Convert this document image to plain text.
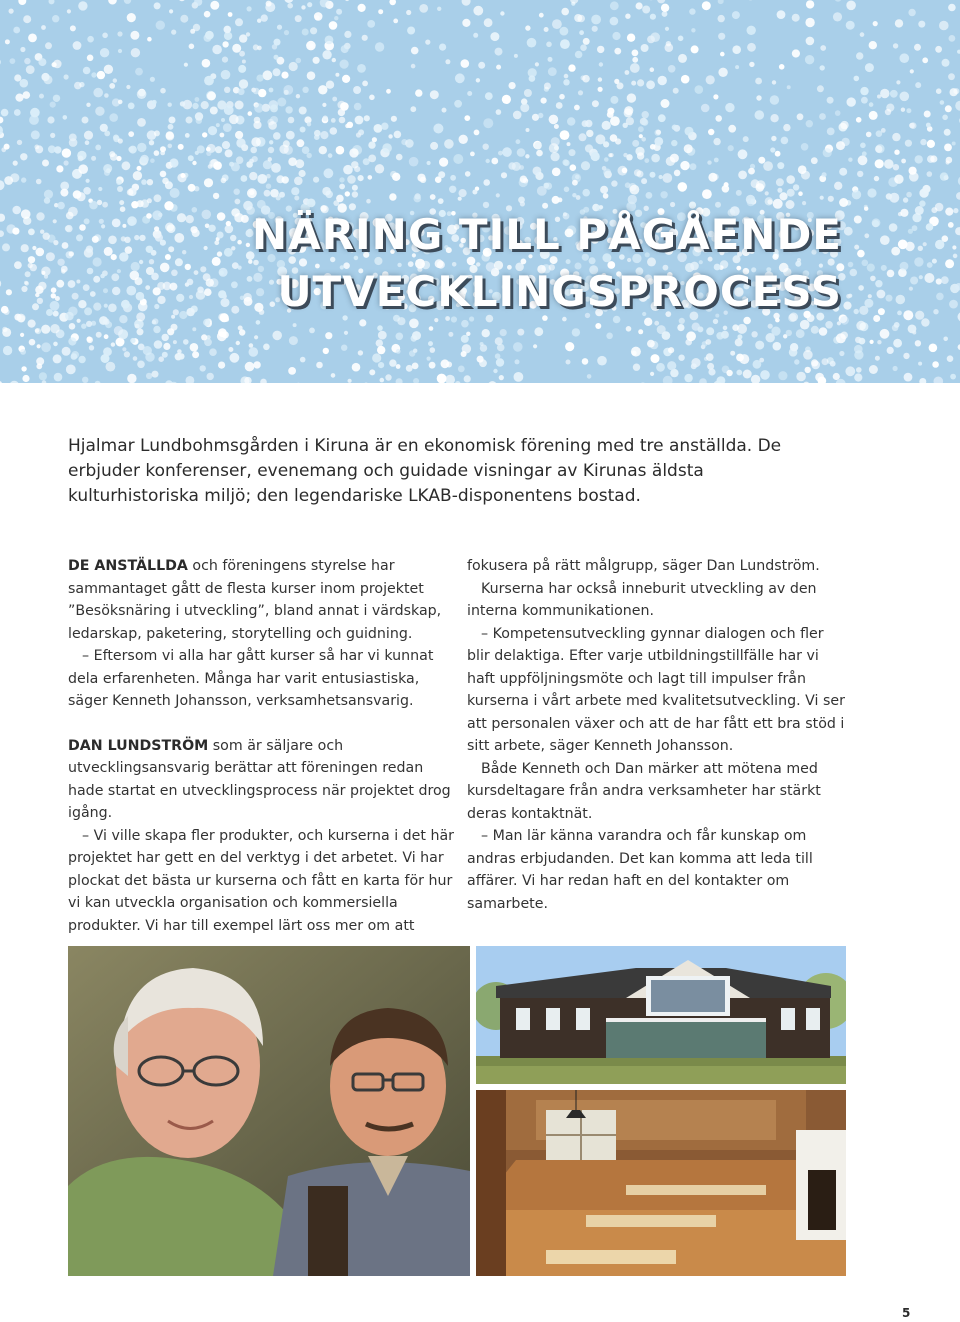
NÄRING TILL PÅGÅENDE
UTVECKLINGSPROCESS

Hjalmar Lundbohmsgården i Kiruna är en ekonomisk förening med tre anställda. De erbjuder konferenser, evenemang och guidade visningar av Kirunas äldsta kulturhistoriska miljö; den legendariske LKAB-disponentens bostad.

DE ANSTÄLLDA och föreningens styrelse har sammantaget gått de flesta kurser inom projektet ”Besöksnäring i utveckling”, bland annat i värdskap, ledarskap, paketering, storytelling och guidning.

– Eftersom vi alla har gått kurser så har vi kunnat dela erfarenheten. Många har varit entusiastiska, säger Kenneth Johansson, verksamhetsansvarig.

DAN LUNDSTRÖM som är säljare och utvecklingsansvarig berättar att föreningen redan hade startat en utvecklingsprocess när projektet drog igång.

– Vi ville skapa fler produkter, och kurserna i det här projektet har gett en del verktyg i det arbetet. Vi har plockat det bästa ur kurserna och fått en karta för hur vi kan utveckla organisation och kommersiella produkter. Vi har till exempel lärt oss mer om att

fokusera på rätt målgrupp, säger Dan Lundström.

Kurserna har också inneburit utveckling av den interna kommunikationen.

– Kompetensutveckling gynnar dialogen och fler blir delaktiga. Efter varje utbildningstillfälle har vi haft uppföljningsmöte och lagt till impulser från kurserna i vårt arbete med kvalitetsutveckling. Vi ser att personalen växer och att de har fått ett bra stöd i sitt arbete, säger Kenneth Johansson.

Både Kenneth och Dan märker att mötena med kursdeltagare från andra verksamheter har stärkt deras kontaktnät.

– Man lär känna varandra och får kunskap om andras erbjudanden. Det kan komma att leda till affärer. Vi har redan haft en del kontakter om samarbete.

5
